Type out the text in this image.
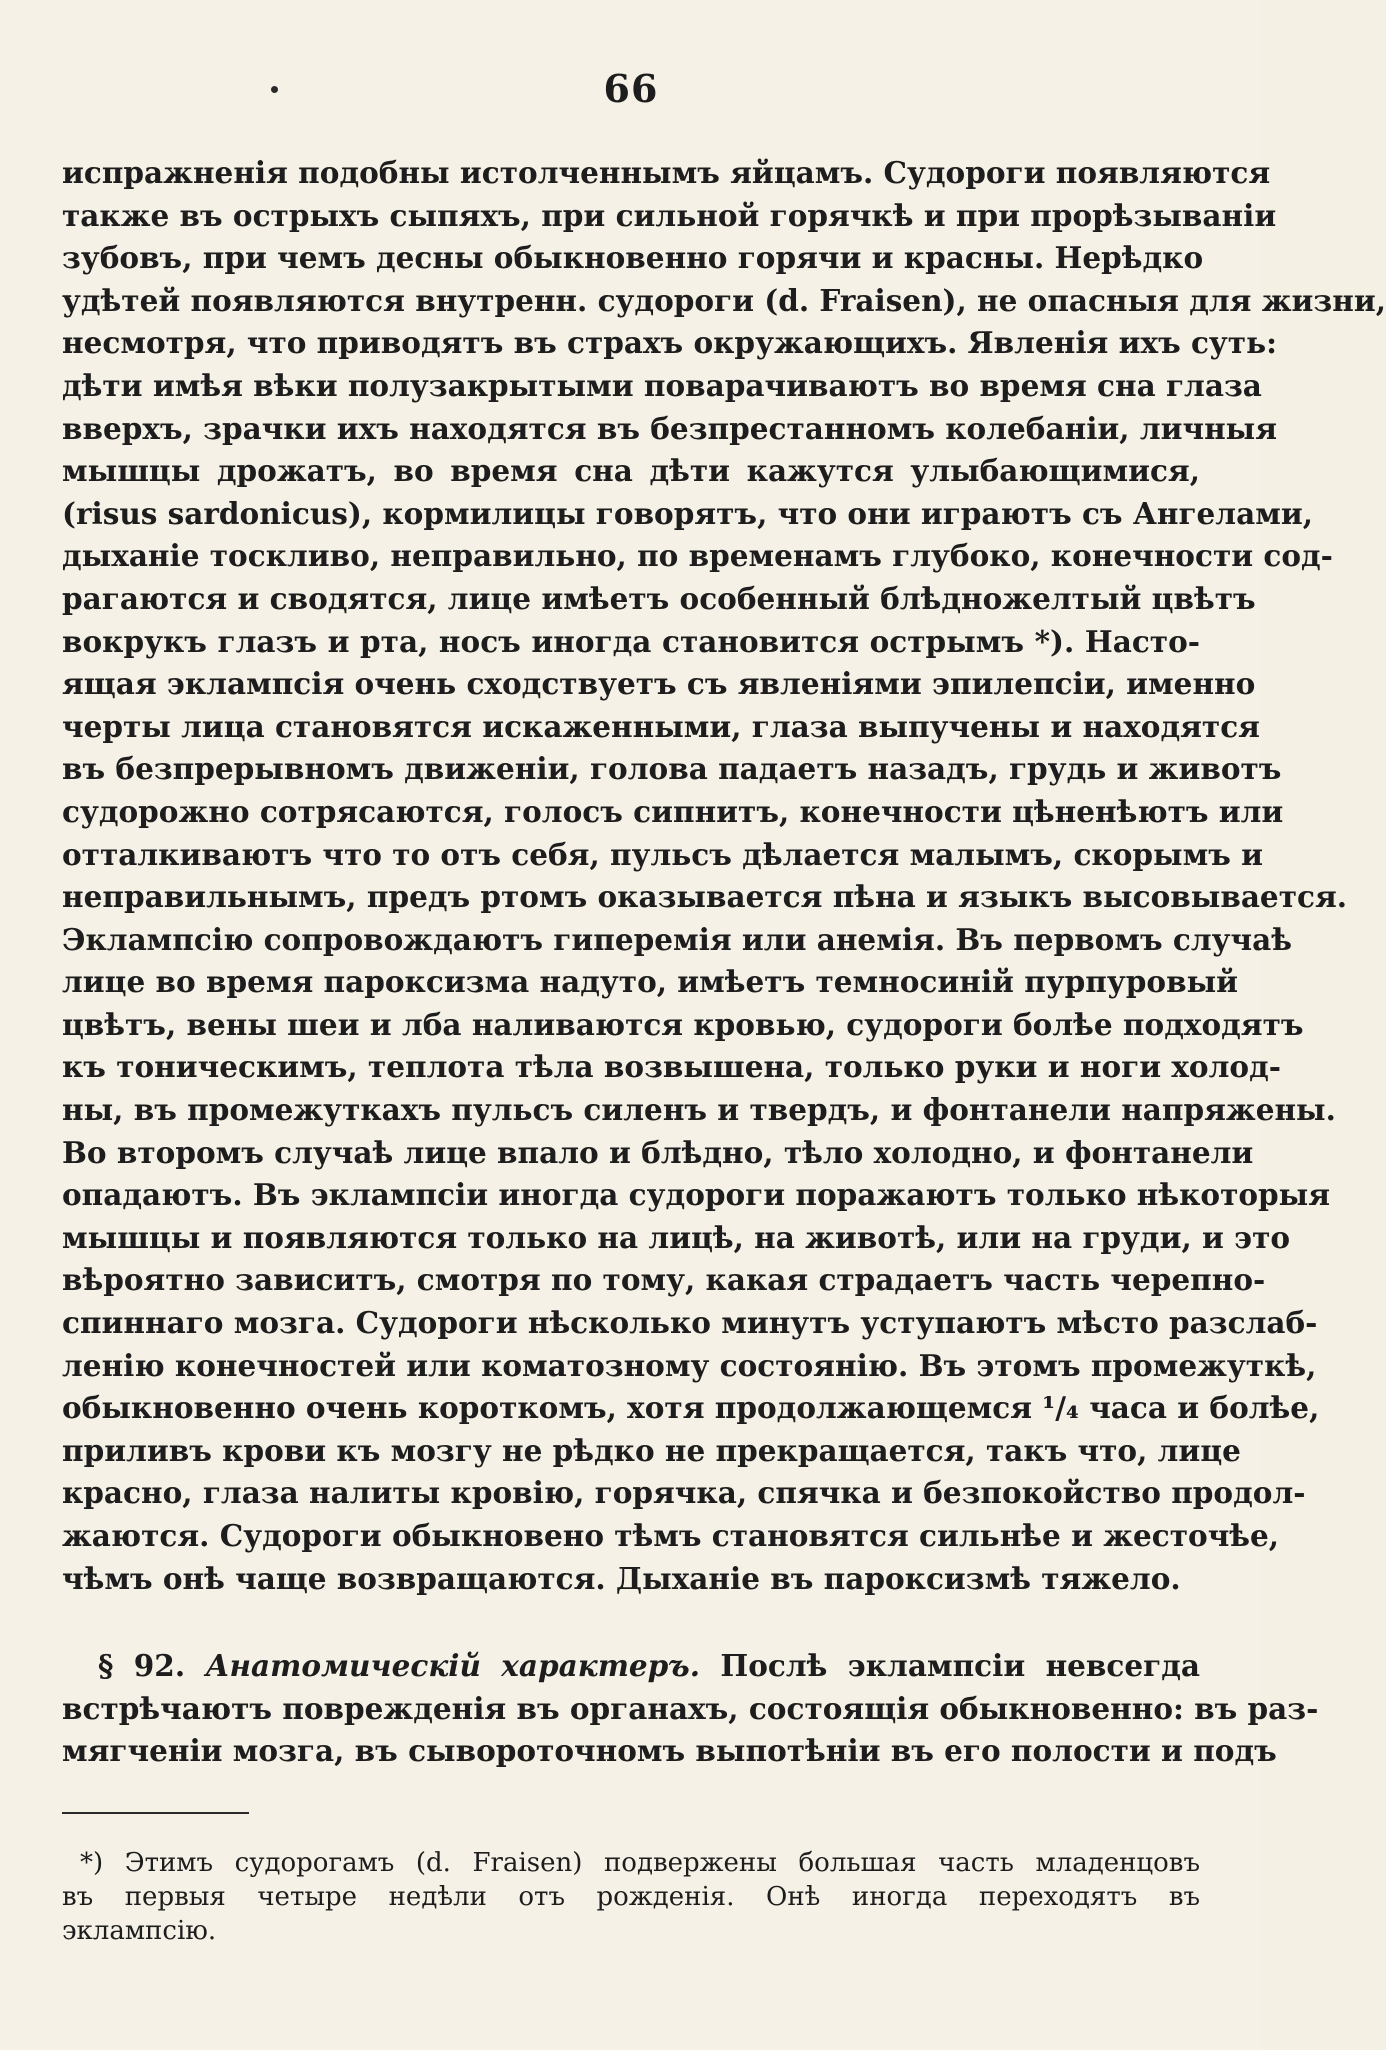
66
испражненія подобны истолченнымъ яйцамъ. Судороги появляются
также въ острыхъ сыпяхъ, при сильной горячкѣ и при прорѣзываніи
зубовъ, при чемъ десны обыкновенно горячи и красны. Нерѣдко
удѣтей появляются внутренн. судороги (d. Fraisen), не опасныя для жизни,
несмотря, что приводятъ въ страхъ окружающихъ. Явленія ихъ суть:
дѣти имѣя вѣки полузакрытыми поварачиваютъ во время сна глаза
вверхъ, зрачки ихъ находятся въ безпрестанномъ колебаніи, личныя
мышцы дрожатъ, во время сна дѣти кажутся улыбающимися,
(risus sardonicus), кормилицы говорятъ, что они играютъ съ Ангелами,
дыханіе тоскливо, неправильно, по временамъ глубоко, конечности сод-
рагаются и сводятся, лице имѣетъ особенный блѣдножелтый цвѣтъ
вокрукъ глазъ и рта, носъ иногда становится острымъ *). Насто-
ящая эклампсія очень сходствуетъ съ явленіями эпилепсіи, именно
черты лица становятся искаженными, глаза выпучены и находятся
въ безпрерывномъ движеніи, голова падаетъ назадъ, грудь и животъ
судорожно сотрясаются, голосъ сипнитъ, конечности цѣненѣютъ или
отталкиваютъ что то отъ себя, пульсъ дѣлается малымъ, скорымъ и
неправильнымъ, предъ ртомъ оказывается пѣна и языкъ высовывается.
Эклампсію сопровождаютъ гиперемія или анемія. Въ первомъ случаѣ
лице во время пароксизма надуто, имѣетъ темносиній пурпуровый
цвѣтъ, вены шеи и лба наливаются кровью, судороги болѣе подходятъ
къ тоническимъ, теплота тѣла возвышена, только руки и ноги холод-
ны, въ промежуткахъ пульсъ силенъ и твердъ, и фонтанели напряжены.
Во второмъ случаѣ лице впало и блѣдно, тѣло холодно, и фонтанели
опадаютъ. Въ эклампсіи иногда судороги поражаютъ только нѣкоторыя
мышцы и появляются только на лицѣ, на животѣ, или на груди, и это
вѣроятно зависитъ, смотря по тому, какая страдаетъ часть черепно-
спиннаго мозга. Судороги нѣсколько минутъ уступаютъ мѣсто разслаб-
ленію конечностей или коматозному состоянію. Въ этомъ промежуткѣ,
обыкновенно очень короткомъ, хотя продолжающемся ¹/₄ часа и болѣе,
приливъ крови къ мозгу не рѣдко не прекращается, такъ что, лице
красно, глаза налиты кровію, горячка, спячка и безпокойство продол-
жаются. Судороги обыкновено тѣмъ становятся сильнѣе и жесточѣе,
чѣмъ онѣ чаще возвращаются. Дыханіе въ пароксизмѣ тяжело.
§ 92. Анатомическій характеръ. Послѣ эклампсіи невсегда
встрѣчаютъ поврежденія въ органахъ, состоящія обыкновенно: въ раз-
мягченіи мозга, въ сывороточномъ выпотѣніи въ его полости и подъ
*) Этимъ судорогамъ (d. Fraisen) подвержены большая часть младенцовъ
въ первыя четыре недѣли отъ рожденія. Онѣ иногда переходятъ въ
эклампсію.
